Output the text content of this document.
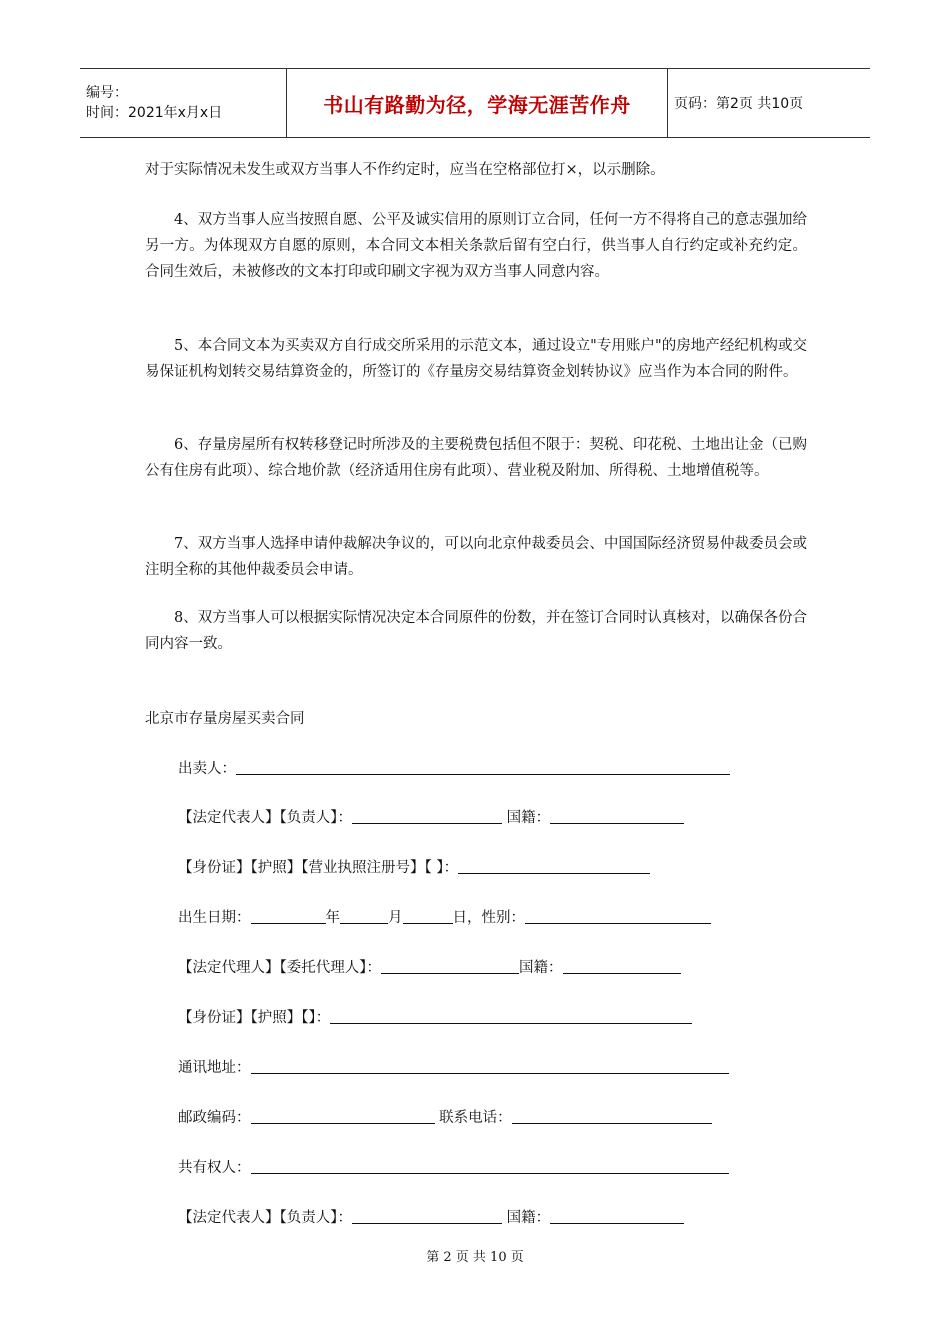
编号：
时间：2021年x月x日	书山有路勤为径，学海无涯苦作舟	页码：第2页 共10页
对于实际情况未发生或双方当事人不作约定时，应当在空格部位打×，以示删除。
4、双方当事人应当按照自愿、公平及诚实信用的原则订立合同，任何一方不得将自己的意志强加给另一方。为体现双方自愿的原则，本合同文本相关条款后留有空白行，供当事人自行约定或补充约定。合同生效后，未被修改的文本打印或印刷文字视为双方当事人同意内容。
5、本合同文本为买卖双方自行成交所采用的示范文本，通过设立"专用账户"的房地产经纪机构或交易保证机构划转交易结算资金的，所签订的《存量房交易结算资金划转协议》应当作为本合同的附件。
6、存量房屋所有权转移登记时所涉及的主要税费包括但不限于：契税、印花税、土地出让金（已购公有住房有此项）、综合地价款（经济适用住房有此项）、营业税及附加、所得税、土地增值税等。
7、双方当事人选择申请仲裁解决争议的，可以向北京仲裁委员会、中国国际经济贸易仲裁委员会或注明全称的其他仲裁委员会申请。
8、双方当事人可以根据实际情况决定本合同原件的份数，并在签订合同时认真核对，以确保各份合同内容一致。
北京市存量房屋买卖合同
出卖人：
【法定代表人】【负责人】：	国籍：
【身份证】【护照】【营业执照注册号】【 】：
出生日期：	年	月	日，性别：
【法定代理人】【委托代理人】：	国籍：
【身份证】【护照】【】：
通讯地址：
邮政编码：	联系电话：
共有权人：
【法定代表人】【负责人】：	国籍：
第 2 页 共 10 页
